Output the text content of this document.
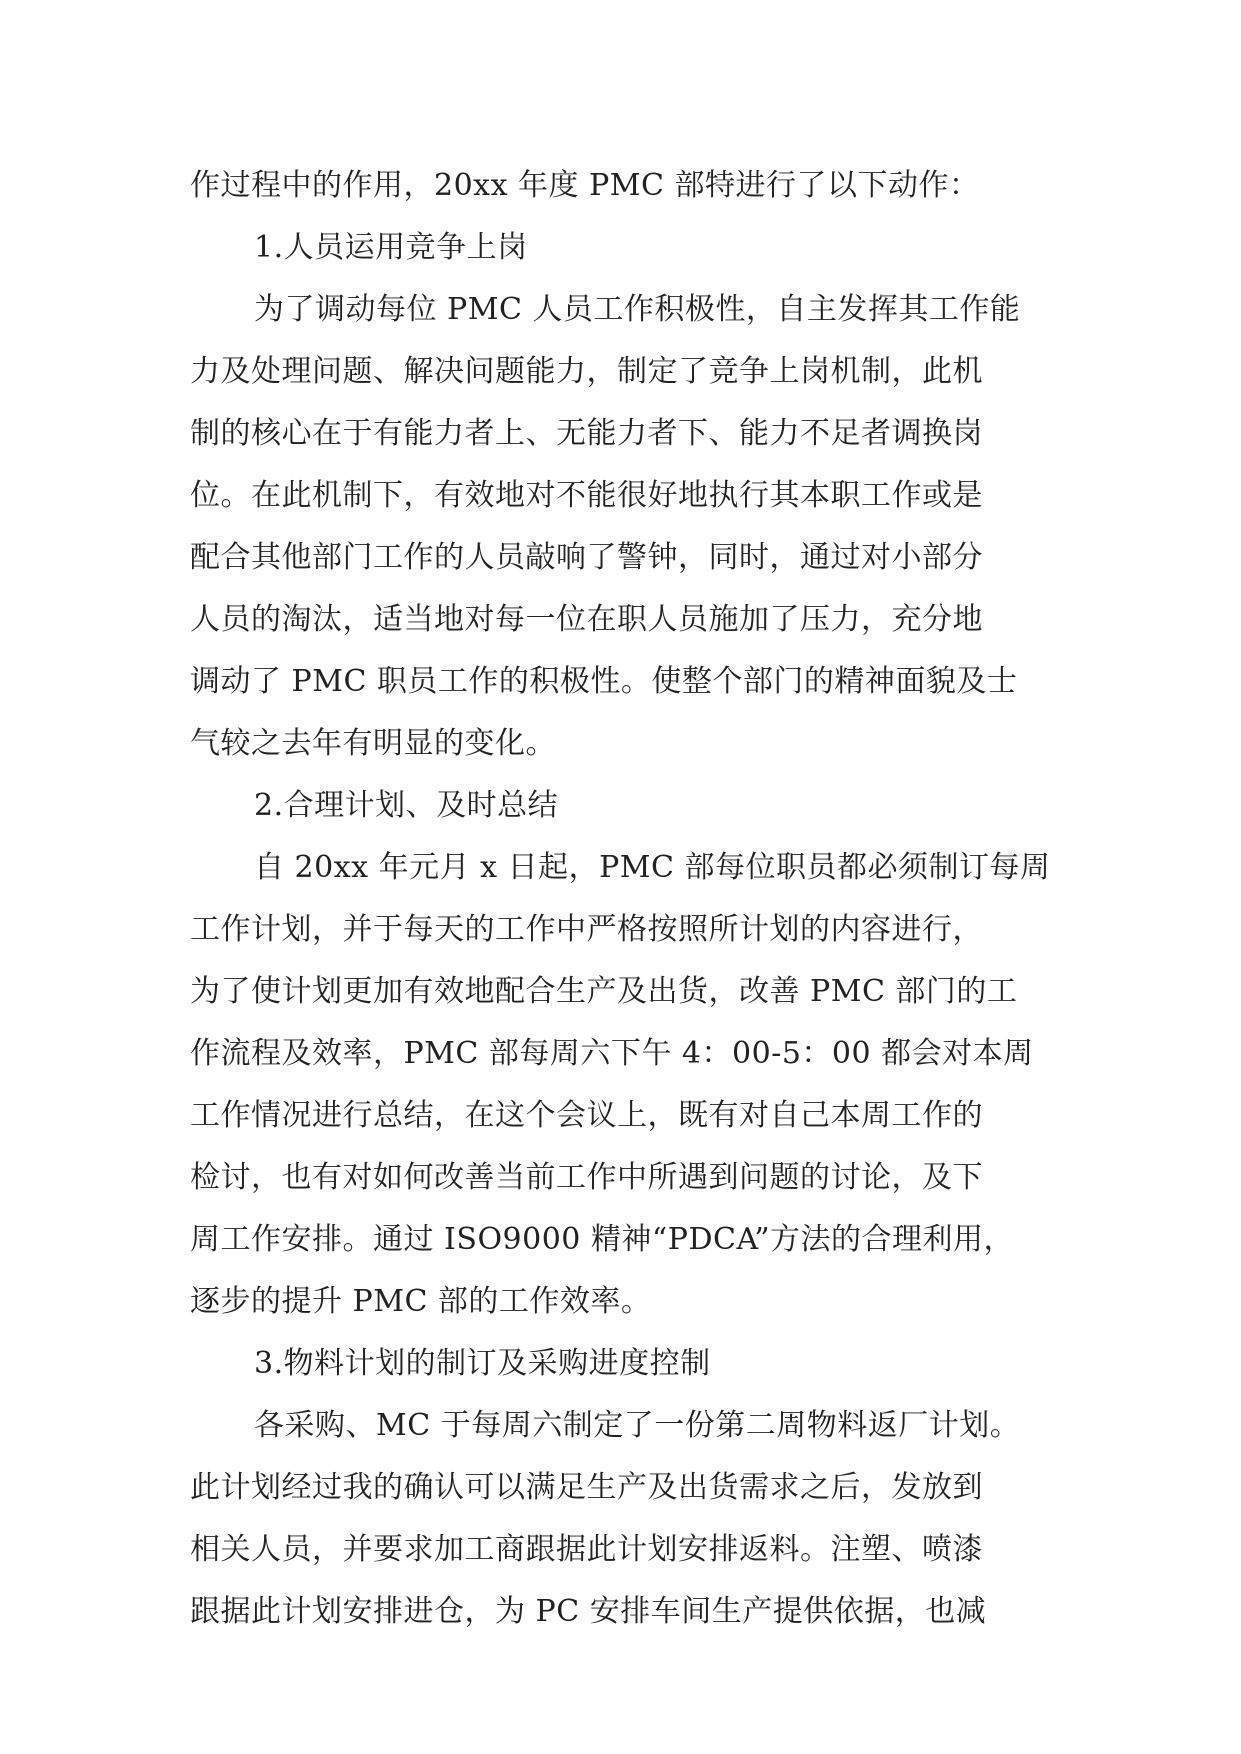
作过程中的作用，20xx 年度 PMC 部特进行了以下动作：

1.人员运用竞争上岗

为了调动每位 PMC 人员工作积极性，自主发挥其工作能

力及处理问题、解决问题能力，制定了竞争上岗机制，此机

制的核心在于有能力者上、无能力者下、能力不足者调换岗

位。在此机制下，有效地对不能很好地执行其本职工作或是

配合其他部门工作的人员敲响了警钟，同时，通过对小部分

人员的淘汰，适当地对每一位在职人员施加了压力，充分地

调动了 PMC 职员工作的积极性。使整个部门的精神面貌及士

气较之去年有明显的变化。

2.合理计划、及时总结

自 20xx 年元月 x 日起，PMC 部每位职员都必须制订每周

工作计划，并于每天的工作中严格按照所计划的内容进行，

为了使计划更加有效地配合生产及出货，改善 PMC 部门的工

作流程及效率，PMC 部每周六下午 4：00-5：00 都会对本周

工作情况进行总结，在这个会议上，既有对自己本周工作的

检讨，也有对如何改善当前工作中所遇到问题的讨论，及下

周工作安排。通过 ISO9000 精神“PDCA”方法的合理利用，

逐步的提升 PMC 部的工作效率。

3.物料计划的制订及采购进度控制

各采购、MC 于每周六制定了一份第二周物料返厂计划。

此计划经过我的确认可以满足生产及出货需求之后，发放到

相关人员，并要求加工商跟据此计划安排返料。注塑、喷漆

跟据此计划安排进仓，为 PC 安排车间生产提供依据，也减
